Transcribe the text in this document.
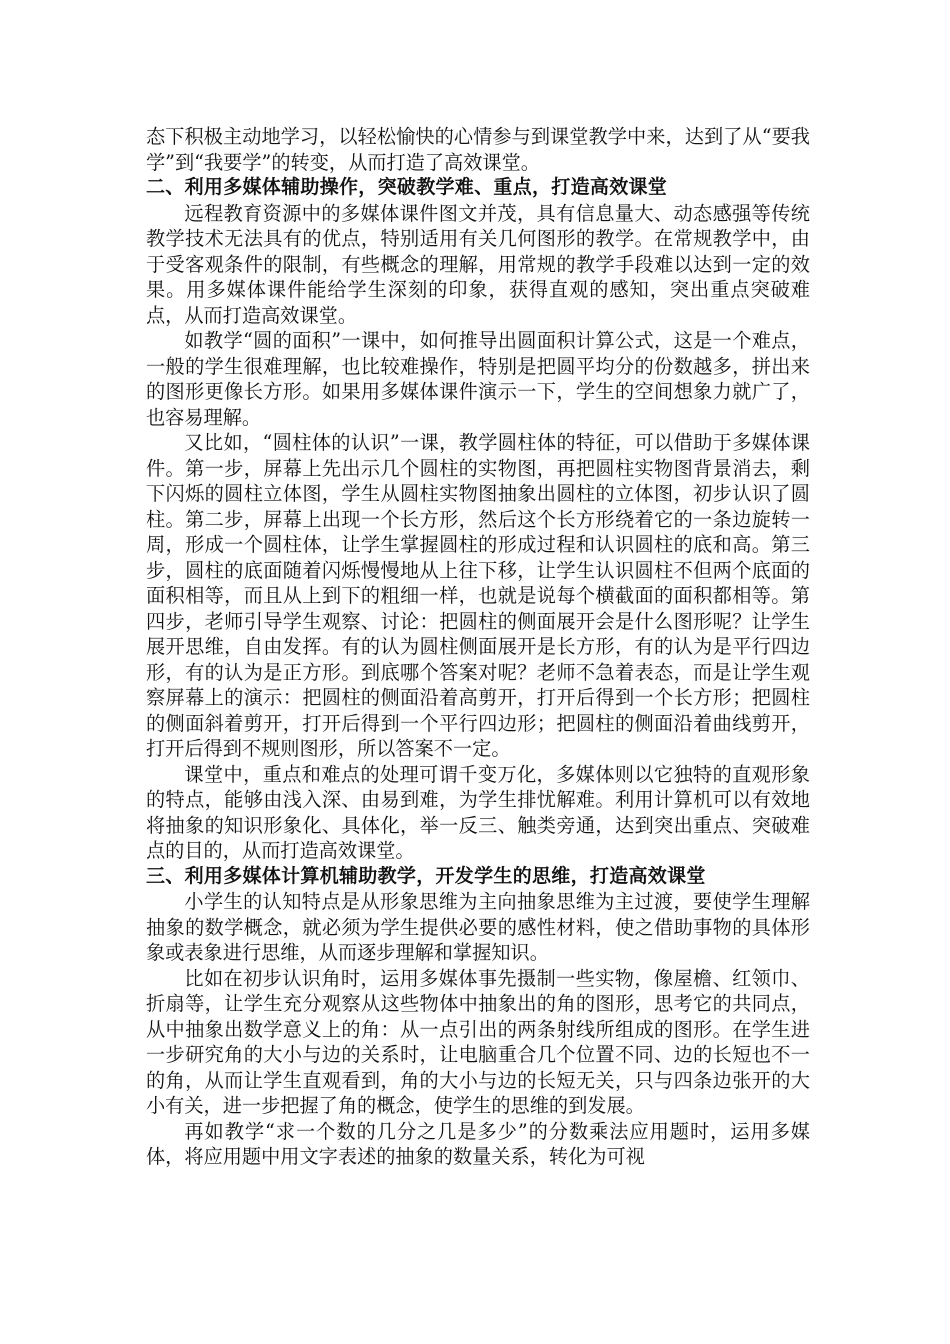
态下积极主动地学习，以轻松愉快的心情参与到课堂教学中来，达到了从“要我学”到“我要学”的转变，从而打造了高效课堂。

二、利用多媒体辅助操作，突破教学难、重点，打造高效课堂

远程教育资源中的多媒体课件图文并茂，具有信息量大、动态感强等传统教学技术无法具有的优点，特别适用有关几何图形的教学。在常规教学中，由于受客观条件的限制，有些概念的理解，用常规的教学手段难以达到一定的效果。用多媒体课件能给学生深刻的印象，获得直观的感知，突出重点突破难点，从而打造高效课堂。

如教学“圆的面积”一课中，如何推导出圆面积计算公式，这是一个难点，一般的学生很难理解，也比较难操作，特别是把圆平均分的份数越多，拼出来的图形更像长方形。如果用多媒体课件演示一下，学生的空间想象力就广了，也容易理解。

又比如，“圆柱体的认识”一课，教学圆柱体的特征，可以借助于多媒体课件。第一步，屏幕上先出示几个圆柱的实物图，再把圆柱实物图背景消去，剩下闪烁的圆柱立体图，学生从圆柱实物图抽象出圆柱的立体图，初步认识了圆柱。第二步，屏幕上出现一个长方形，然后这个长方形绕着它的一条边旋转一周，形成一个圆柱体，让学生掌握圆柱的形成过程和认识圆柱的底和高。第三步，圆柱的底面随着闪烁慢慢地从上往下移，让学生认识圆柱不但两个底面的面积相等，而且从上到下的粗细一样，也就是说每个横截面的面积都相等。第四步，老师引导学生观察、讨论：把圆柱的侧面展开会是什么图形呢？让学生展开思维，自由发挥。有的认为圆柱侧面展开是长方形，有的认为是平行四边形，有的认为是正方形。到底哪个答案对呢？老师不急着表态，而是让学生观察屏幕上的演示：把圆柱的侧面沿着高剪开，打开后得到一个长方形；把圆柱的侧面斜着剪开，打开后得到一个平行四边形；把圆柱的侧面沿着曲线剪开，打开后得到不规则图形，所以答案不一定。

课堂中，重点和难点的处理可谓千变万化，多媒体则以它独特的直观形象的特点，能够由浅入深、由易到难，为学生排忧解难。利用计算机可以有效地将抽象的知识形象化、具体化，举一反三、触类旁通，达到突出重点、突破难点的目的，从而打造高效课堂。

三、利用多媒体计算机辅助教学，开发学生的思维，打造高效课堂

小学生的认知特点是从形象思维为主向抽象思维为主过渡，要使学生理解抽象的数学概念，就必须为学生提供必要的感性材料，使之借助事物的具体形象或表象进行思维，从而逐步理解和掌握知识。

比如在初步认识角时，运用多媒体事先摄制一些实物，像屋檐、红领巾、折扇等，让学生充分观察从这些物体中抽象出的角的图形，思考它的共同点，从中抽象出数学意义上的角：从一点引出的两条射线所组成的图形。在学生进一步研究角的大小与边的关系时，让电脑重合几个位置不同、边的长短也不一的角，从而让学生直观看到，角的大小与边的长短无关，只与四条边张开的大小有关，进一步把握了角的概念，使学生的思维的到发展。

再如教学“求一个数的几分之几是多少”的分数乘法应用题时，运用多媒体，将应用题中用文字表述的抽象的数量关系，转化为可视
